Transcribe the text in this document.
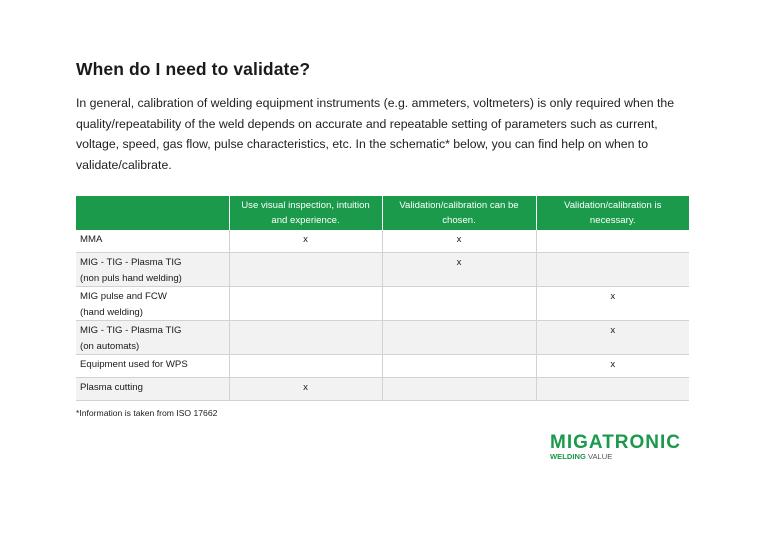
When do I need to validate?

In general, calibration of welding equipment instruments (e.g. ammeters, voltmeters) is only required when the quality/repeatability of the weld depends on accurate and repeatable setting of parameters such as current, voltage, speed, gas flow, pulse characteristics, etc. In the schematic* below, you can find help on when to validate/calibrate.

	Use visual inspection, intuition and experience.	Validation/calibration can be chosen.	Validation/calibration is necessary.
MMA	x	x	
MIG - TIG - Plasma TIG
(non puls hand welding)		x	
MIG pulse and FCW
(hand welding)			x
MIG - TIG - Plasma TIG
(on automats)			x
Equipment used for WPS			x
Plasma cutting	x		
*Information is taken from ISO 17662
MIGATRONIC
WELDING VALUE
